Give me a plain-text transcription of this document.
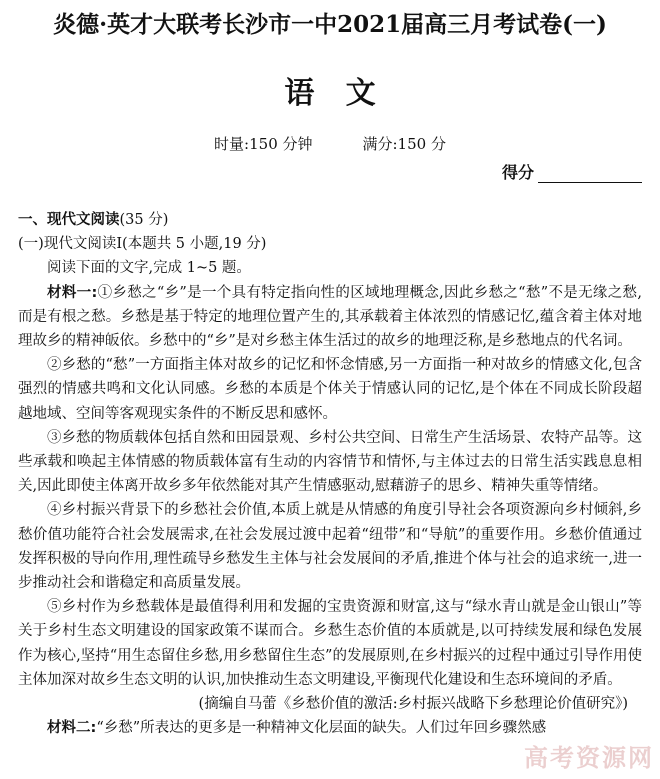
炎德·英才大联考长沙市一中2021届高三月考试卷(一)
语   文
时量:150 分钟	满分:150 分
得分

一、现代文阅读(35 分)

(一)现代文阅读Ⅰ(本题共 5 小题,19 分)

阅读下面的文字,完成 1~5 题。

材料一:①乡愁之“乡”是一个具有特定指向性的区域地理概念,因此乡愁之“愁”不是无缘之愁,而是有根之愁。乡愁是基于特定的地理位置产生的,其承载着主体浓烈的情感记忆,蕴含着主体对地理故乡的精神皈依。乡愁中的“乡”是对乡愁主体生活过的故乡的地理泛称,是乡愁地点的代名词。

②乡愁的“愁”一方面指主体对故乡的记忆和怀念情感,另一方面指一种对故乡的情感文化,包含强烈的情感共鸣和文化认同感。乡愁的本质是个体关于情感认同的记忆,是个体在不同成长阶段超越地域、空间等客观现实条件的不断反思和感怀。

③乡愁的物质载体包括自然和田园景观、乡村公共空间、日常生产生活场景、农特产品等。这些承载和唤起主体情感的物质载体富有生动的内容情节和情怀,与主体过去的日常生活实践息息相关,因此即使主体离开故乡多年依然能对其产生情感驱动,慰藉游子的思乡、精神失重等情绪。

④乡村振兴背景下的乡愁社会价值,本质上就是从情感的角度引导社会各项资源向乡村倾斜,乡愁价值功能符合社会发展需求,在社会发展过渡中起着“纽带”和“导航”的重要作用。乡愁价值通过发挥积极的导向作用,理性疏导乡愁发生主体与社会发展间的矛盾,推进个体与社会的追求统一,进一步推动社会和谐稳定和高质量发展。

⑤乡村作为乡愁载体是最值得利用和发掘的宝贵资源和财富,这与“绿水青山就是金山银山”等关于乡村生态文明建设的国家政策不谋而合。乡愁生态价值的本质就是,以可持续发展和绿色发展作为核心,坚持“用生态留住乡愁,用乡愁留住生态”的发展原则,在乡村振兴的过程中通过引导作用使主体加深对故乡生态文明的认识,加快推动生态文明建设,平衡现代化建设和生态环境间的矛盾。

(摘编自马蕾《乡愁价值的激活:乡村振兴战略下乡愁理论价值研究》)

材料二:“乡愁”所表达的更多是一种精神文化层面的缺失。人们过年回乡骤然感

高考资源网
